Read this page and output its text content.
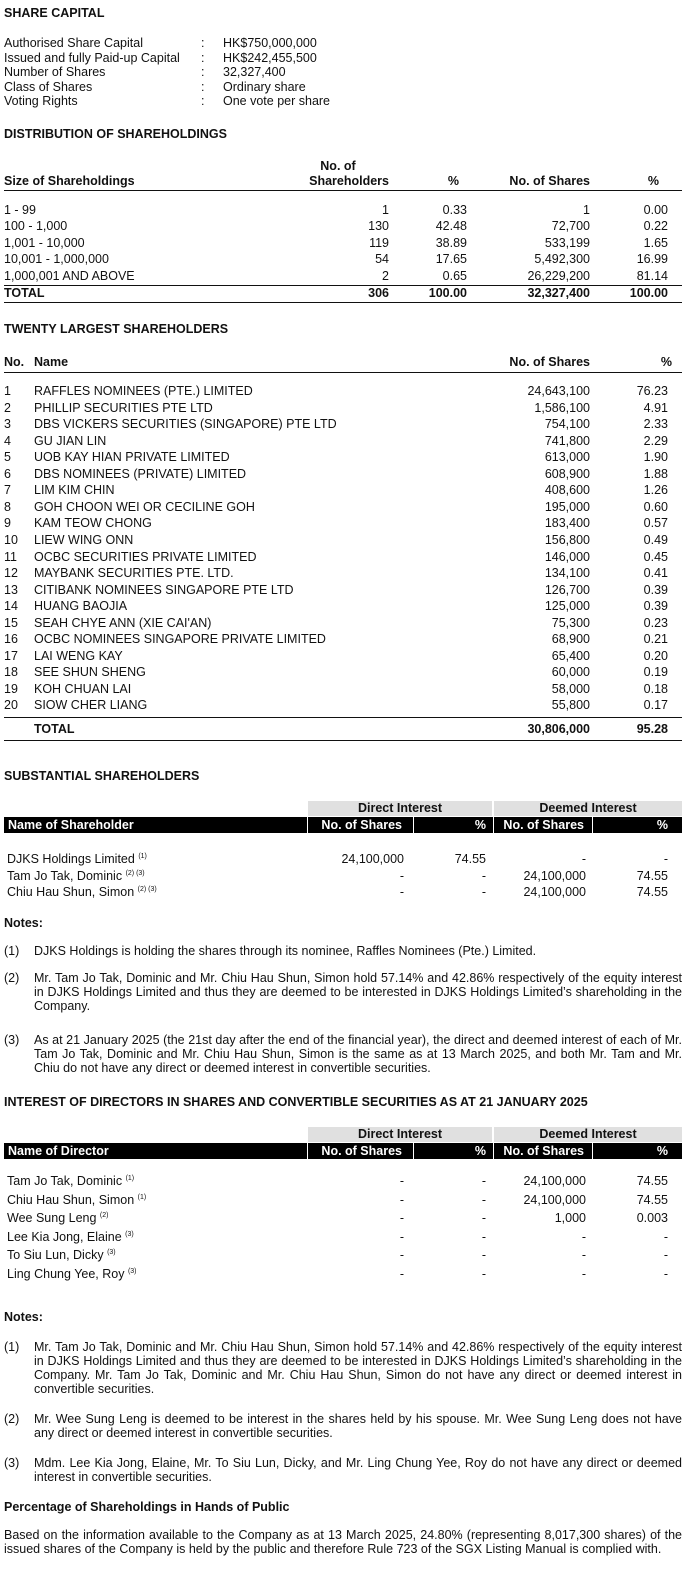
SHARE CAPITAL
Authorised Share Capital	: HK$750,000,000
Issued and fully Paid-up Capital : HK$242,455,500
Number of Shares	: 32,327,400
Class of Shares	: Ordinary share
Voting Rights	: One vote per share
DISTRIBUTION OF SHAREHOLDINGS
No. of
Size of Shareholdings	Shareholders	%	No. of Shares	%
1 - 99	1	0.33	1	0.00
100 - 1,000	130	42.48	72,700	0.22
1,001 - 10,000	119	38.89	533,199	1.65
10,001 - 1,000,000	54	17.65	5,492,300	16.99
1,000,001 AND ABOVE	2	0.65	26,229,200	81.14
TOTAL	306	100.00	32,327,400	100.00
TWENTY LARGEST SHAREHOLDERS
No. Name	No. of Shares	%
1 RAFFLES NOMINEES (PTE.) LIMITED	24,643,100	76.23
2 PHILLIP SECURITIES PTE LTD	1,586,100	4.91
3 DBS VICKERS SECURITIES (SINGAPORE) PTE LTD	754,100	2.33
4 GU JIAN LIN	741,800	2.29
5 UOB KAY HIAN PRIVATE LIMITED	613,000	1.90
6 DBS NOMINEES (PRIVATE) LIMITED	608,900	1.88
7 LIM KIM CHIN	408,600	1.26
8 GOH CHOON WEI OR CECILINE GOH	195,000	0.60
9 KAM TEOW CHONG	183,400	0.57
10 LIEW WING ONN	156,800	0.49
11 OCBC SECURITIES PRIVATE LIMITED	146,000	0.45
12 MAYBANK SECURITIES PTE. LTD.	134,100	0.41
13 CITIBANK NOMINEES SINGAPORE PTE LTD	126,700	0.39
14 HUANG BAOJIA	125,000	0.39
15 SEAH CHYE ANN (XIE CAI'AN)	75,300	0.23
16 OCBC NOMINEES SINGAPORE PRIVATE LIMITED	68,900	0.21
17 LAI WENG KAY	65,400	0.20
18 SEE SHUN SHENG	60,000	0.19
19 KOH CHUAN LAI	58,000	0.18
20 SIOW CHER LIANG	55,800	0.17
TOTAL	30,806,000	95.28
SUBSTANTIAL SHAREHOLDERS
Direct Interest	Deemed Interest
Name of Shareholder	No. of Shares	%	No. of Shares	%
DJKS Holdings Limited $^{(1)}$	24,100,000	74.55	-	-
Tam Jo Tak, Dominic $^{(2) (3)}$	-	-	24,100,000	74.55
Chiu Hau Shun, Simon $^{(2) (3)}$	-	-	24,100,000	74.55
Notes:
(1) DJKS Holdings is holding the shares through its nominee, Raffles Nominees (Pte.) Limited.
(2) Mr. Tam Jo Tak, Dominic and Mr. Chiu Hau Shun, Simon hold 57.14% and 42.86% respectively of the equity interest in DJKS Holdings Limited and thus they are deemed to be interested in DJKS Holdings Limited’s shareholding in the Company.
(3) As at 21 January 2025 (the 21st day after the end of the financial year), the direct and deemed interest of each of Mr. Tam Jo Tak, Dominic and Mr. Chiu Hau Shun, Simon is the same as at 13 March 2025, and both Mr. Tam and Mr. Chiu do not have any direct or deemed interest in convertible securities.
INTEREST OF DIRECTORS IN SHARES AND CONVERTIBLE SECURITIES AS AT 21 JANUARY 2025
Direct Interest	Deemed Interest
Name of Director	No. of Shares	%	No. of Shares	%
Tam Jo Tak, Dominic $^{(1)}$	-	-	24,100,000	74.55
Chiu Hau Shun, Simon $^{(1)}$	-	-	24,100,000	74.55
Wee Sung Leng $^{(2)}$	-	-	1,000	0.003
Lee Kia Jong, Elaine $^{(3)}$	-	-	-	-
To Siu Lun, Dicky $^{(3)}$	-	-	-	-
Ling Chung Yee, Roy $^{(3)}$	-	-	-	-
Notes:
(1) Mr. Tam Jo Tak, Dominic and Mr. Chiu Hau Shun, Simon hold 57.14% and 42.86% respectively of the equity interest in DJKS Holdings Limited and thus they are deemed to be interested in DJKS Holdings Limited’s shareholding in the Company. Mr. Tam Jo Tak, Dominic and Mr. Chiu Hau Shun, Simon do not have any direct or deemed interest in convertible securities.
(2) Mr. Wee Sung Leng is deemed to be interest in the shares held by his spouse. Mr. Wee Sung Leng does not have any direct or deemed interest in convertible securities.
(3) Mdm. Lee Kia Jong, Elaine, Mr. To Siu Lun, Dicky, and Mr. Ling Chung Yee, Roy do not have any direct or deemed interest in convertible securities.
Percentage of Shareholdings in Hands of Public
Based on the information available to the Company as at 13 March 2025, 24.80% (representing 8,017,300 shares) of the issued shares of the Company is held by the public and therefore Rule 723 of the SGX Listing Manual is complied with.
